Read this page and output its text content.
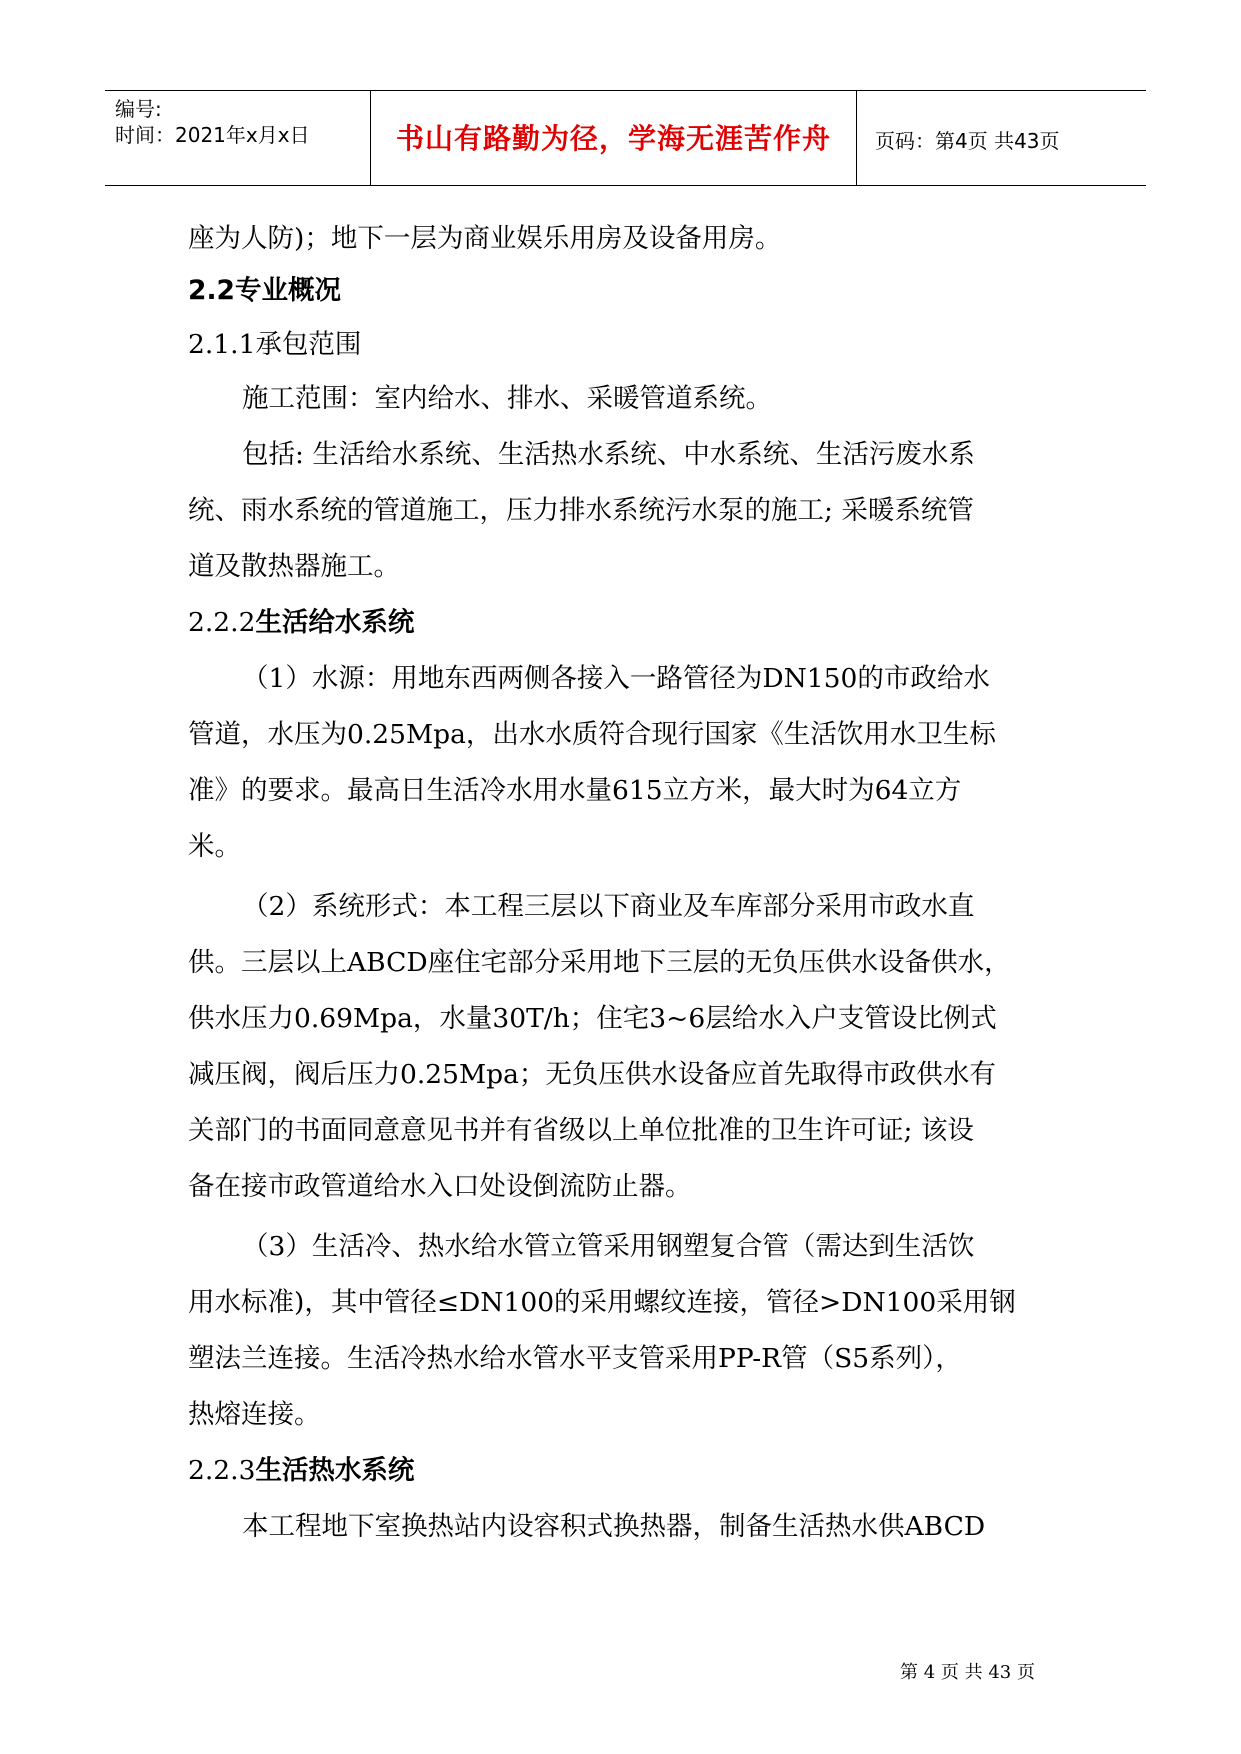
编号:
时间：2021年x月x日	书山有路勤为径，学海无涯苦作舟	页码：第4页 共43页
座为人防)；地下一层为商业娱乐用房及设备用房。
2.2专业概况
2.1.1承包范围
施工范围：室内给水、排水、采暖管道系统。
包括: 生活给水系统、生活热水系统、中水系统、生活污废水系
统、雨水系统的管道施工，压力排水系统污水泵的施工; 采暖系统管
道及散热器施工。
2.2.2生活给水系统
（1）水源：用地东西两侧各接入一路管径为DN150的市政给水
管道，水压为0.25Mpa，出水水质符合现行国家《生活饮用水卫生标
准》的要求。最高日生活冷水用水量615立方米，最大时为64立方
米。
（2）系统形式：本工程三层以下商业及车库部分采用市政水直
供。三层以上ABCD座住宅部分采用地下三层的无负压供水设备供水，
供水压力0.69Mpa，水量30T/h；住宅3~6层给水入户支管设比例式
减压阀，阀后压力0.25Mpa；无负压供水设备应首先取得市政供水有
关部门的书面同意意见书并有省级以上单位批准的卫生许可证; 该设
备在接市政管道给水入口处设倒流防止器。
（3）生活冷、热水给水管立管采用钢塑复合管（需达到生活饮
用水标准)，其中管径≤DN100的采用螺纹连接，管径>DN100采用钢
塑法兰连接。生活冷热水给水管水平支管采用PP-R管（S5系列），
热熔连接。
2.2.3生活热水系统
本工程地下室换热站内设容积式换热器，制备生活热水供ABCD
第 4 页 共 43 页
